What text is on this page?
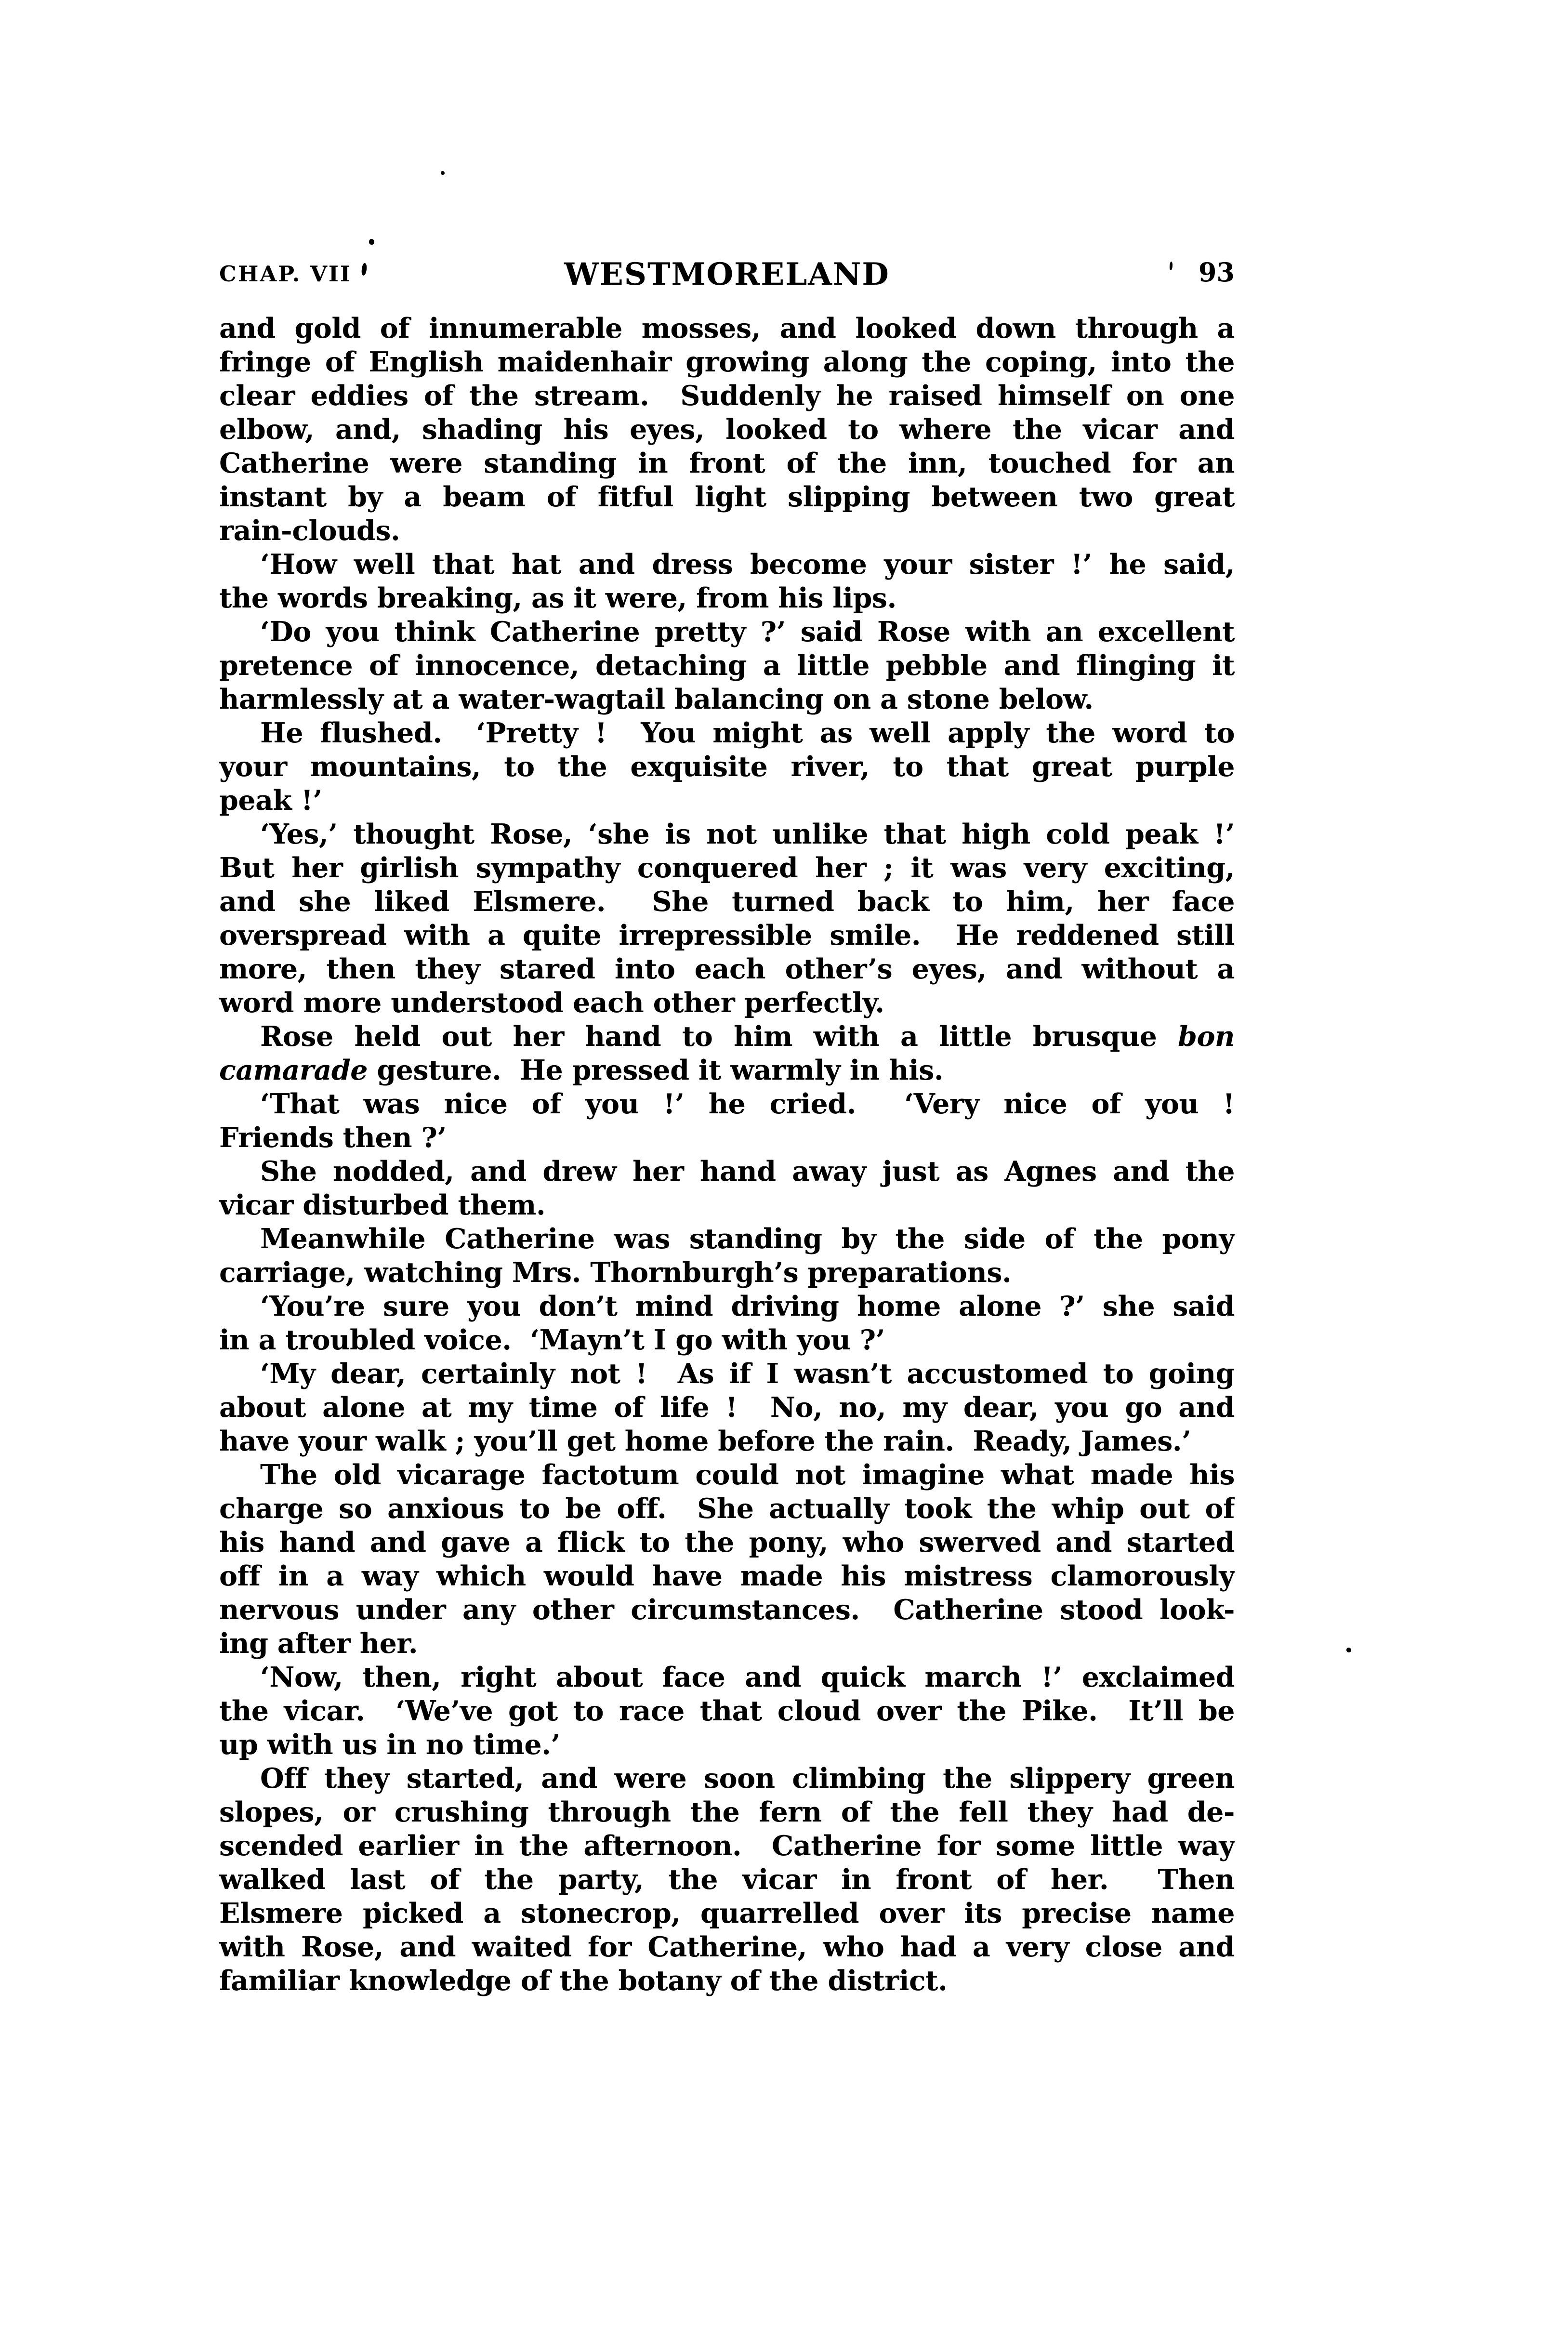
CHAP. VII	WESTMORELAND	93
and gold of innumerable mosses, and looked down through a
fringe of English maidenhair growing along the coping, into the
clear eddies of the stream.  Suddenly he raised himself on one
elbow, and, shading his eyes, looked to where the vicar and
Catherine were standing in front of the inn, touched for an
instant by a beam of fitful light slipping between two great
rain-clouds.
‘How well that hat and dress become your sister !’ he said,
the words breaking, as it were, from his lips.
‘Do you think Catherine pretty ?’ said Rose with an excellent
pretence of innocence, detaching a little pebble and flinging it
harmlessly at a water-wagtail balancing on a stone below.
He flushed.  ‘Pretty !  You might as well apply the word to
your mountains, to the exquisite river, to that great purple
peak !’
‘Yes,’ thought Rose, ‘she is not unlike that high cold peak !’
But her girlish sympathy conquered her ; it was very exciting,
and she liked Elsmere.  She turned back to him, her face
overspread with a quite irrepressible smile.  He reddened still
more, then they stared into each other’s eyes, and without a
word more understood each other perfectly.
Rose held out her hand to him with a little brusque bon
camarade gesture.  He pressed it warmly in his.
‘That was nice of you !’ he cried.  ‘Very nice of you !
Friends then ?’
She nodded, and drew her hand away just as Agnes and the
vicar disturbed them.
Meanwhile Catherine was standing by the side of the pony
carriage, watching Mrs. Thornburgh’s preparations.
‘You’re sure you don’t mind driving home alone ?’ she said
in a troubled voice.  ‘Mayn’t I go with you ?’
‘My dear, certainly not !  As if I wasn’t accustomed to going
about alone at my time of life !  No, no, my dear, you go and
have your walk ; you’ll get home before the rain.  Ready, James.’
The old vicarage factotum could not imagine what made his
charge so anxious to be off.  She actually took the whip out of
his hand and gave a flick to the pony, who swerved and started
off in a way which would have made his mistress clamorously
nervous under any other circumstances.  Catherine stood look-
ing after her.
‘Now, then, right about face and quick march !’ exclaimed
the vicar.  ‘We’ve got to race that cloud over the Pike.  It’ll be
up with us in no time.’
Off they started, and were soon climbing the slippery green
slopes, or crushing through the fern of the fell they had de-
scended earlier in the afternoon.  Catherine for some little way
walked last of the party, the vicar in front of her.  Then
Elsmere picked a stonecrop, quarrelled over its precise name
with Rose, and waited for Catherine, who had a very close and
familiar knowledge of the botany of the district.
